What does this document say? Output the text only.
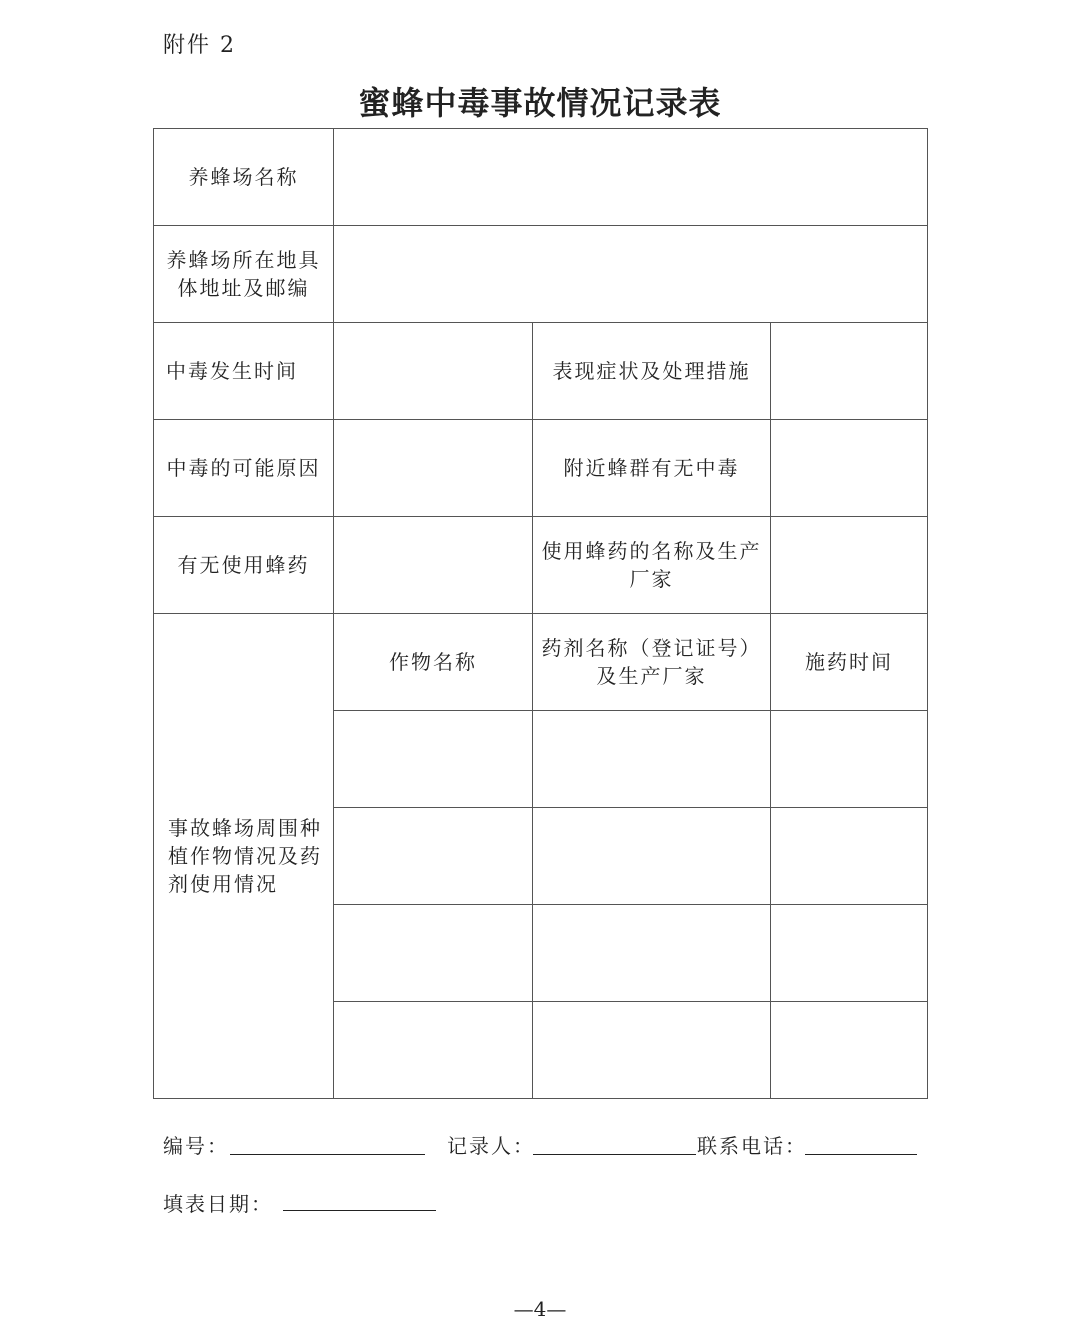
附件 2
蜜蜂中毒事故情况记录表
养蜂场名称			
养蜂场所在地具体地址及邮编			
中毒发生时间		表现症状及处理措施	
中毒的可能原因		附近蜂群有无中毒	
有无使用蜂药		使用蜂药的名称及生产厂家	
事故蜂场周围种植作物情况及药剂使用情况	作物名称	药剂名称（登记证号）及生产厂家	施药时间

编号：	记录人：	联系电话：
填表日期：
—4—
